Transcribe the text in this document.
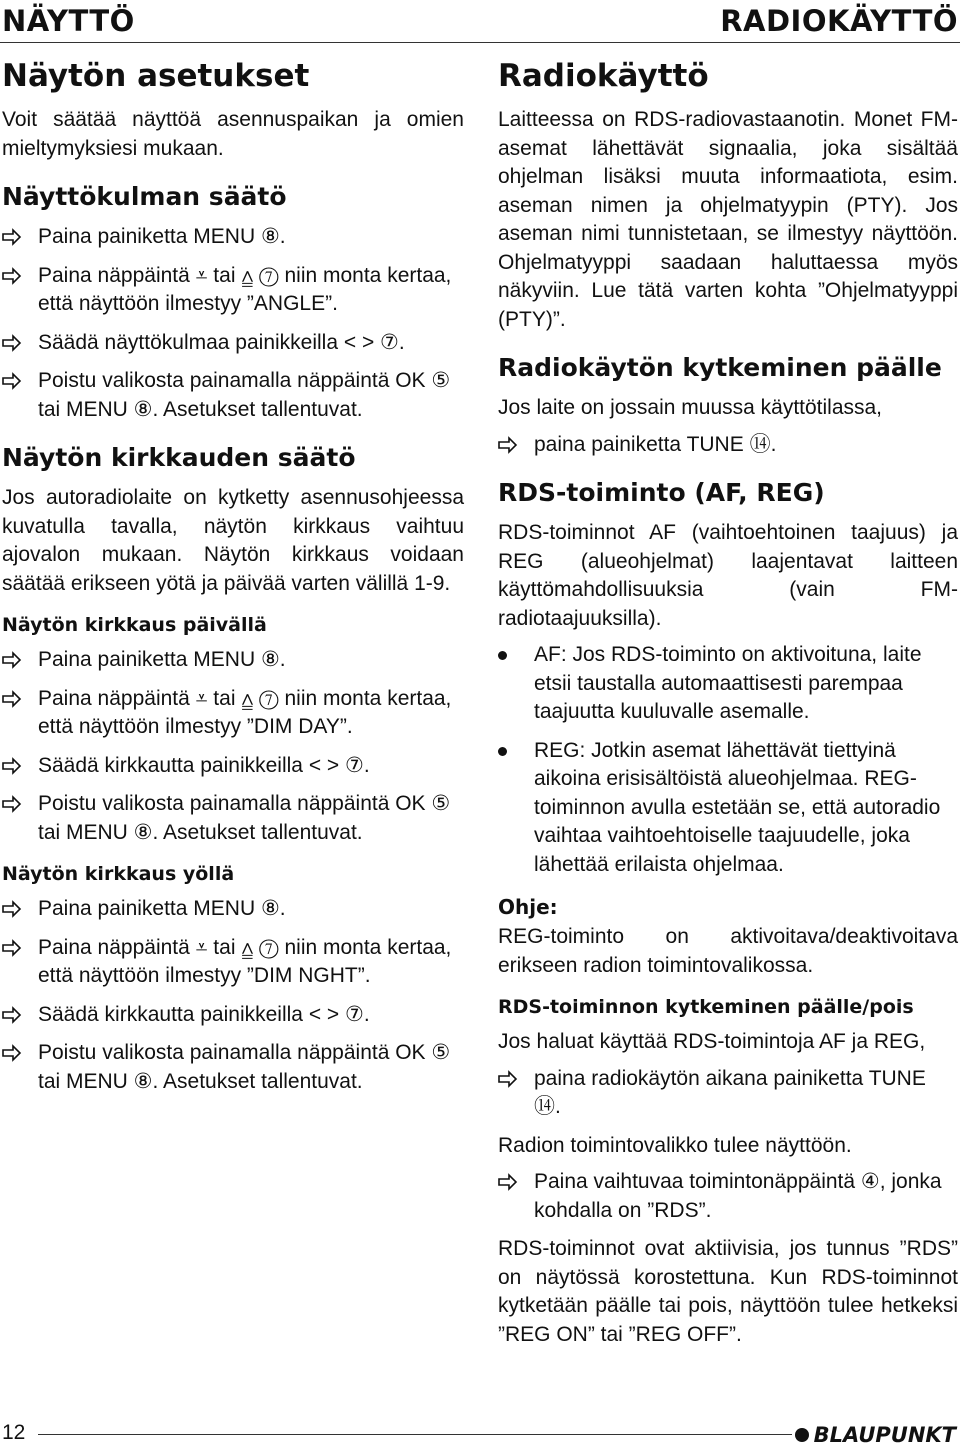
NÄYTTÖ	RADIOKÄYTTÖ
Näytön asetukset

Voit säätää näyttöä asennuspaikan ja omien mieltymyksiesi mukaan.

Näyttökulman säätö
Paina painiketta MENU ⑧.
Paina näppäintä ⩡ tai ⩠ ⑦ niin monta kertaa, että näyttöön ilmestyy ”ANGLE”.
Säädä näyttökulmaa painikkeilla < > ⑦.
Poistu valikosta painamalla näppäintä OK ⑤ tai MENU ⑧. Asetukset tallentuvat.
Näytön kirkkauden säätö

Jos autoradiolaite on kytketty asennusohjeessa kuvatulla tavalla, näytön kirkkaus vaihtuu ajovalon mukaan. Näytön kirkkaus voidaan säätää erikseen yötä ja päivää varten välillä 1-9.

Näytön kirkkaus päivällä
Paina painiketta MENU ⑧.
Paina näppäintä ⩡ tai ⩠ ⑦ niin monta kertaa, että näyttöön ilmestyy ”DIM DAY”.
Säädä kirkkautta painikkeilla < > ⑦.
Poistu valikosta painamalla näppäintä OK ⑤ tai MENU ⑧. Asetukset tallentuvat.
Näytön kirkkaus yöllä
Paina painiketta MENU ⑧.
Paina näppäintä ⩡ tai ⩠ ⑦ niin monta kertaa, että näyttöön ilmestyy ”DIM NGHT”.
Säädä kirkkautta painikkeilla < > ⑦.
Poistu valikosta painamalla näppäintä OK ⑤ tai MENU ⑧. Asetukset tallentuvat.
Radiokäyttö

Laitteessa on RDS-radiovastaanotin. Monet FM-asemat lähettävät signaalia, joka sisältää ohjelman lisäksi muuta informaatiota, esim. aseman nimen ja ohjelmatyypin (PTY). Jos aseman nimi tunnistetaan, se ilmestyy näyttöön. Ohjelmatyyppi saadaan haluttaessa myös näkyviin. Lue tätä varten kohta ”Ohjelmatyyppi (PTY)”.

Radiokäytön kytkeminen päälle

Jos laite on jossain muussa käyttötilassa,

paina painiketta TUNE ⑭.
RDS-toiminto (AF, REG)

RDS-toiminnot AF (vaihtoehtoinen taajuus) ja REG (alueohjelmat) laajentavat laitteen käyttömahdollisuuksia (vain FM-radiotaajuuksilla).

AF: Jos RDS-toiminto on aktivoituna, laite etsii taustalla automaattisesti parempaa taajuutta kuuluvalle asemalle.
REG: Jotkin asemat lähettävät tiettyinä aikoina erisisältöistä alueohjelmaa. REG-toiminnon avulla estetään se, että autoradio vaihtaa vaihtoehtoiselle taajuudelle, joka lähettää erilaista ohjelmaa.
Ohje:

REG-toiminto on aktivoitava/deaktivoitava erikseen radion toimintovalikossa.

RDS-toiminnon kytkeminen päälle/pois

Jos haluat käyttää RDS-toimintoja AF ja REG,

paina radiokäytön aikana painiketta TUNE ⑭.

Radion toimintovalikko tulee näyttöön.

Paina vaihtuvaa toimintonäppäintä ④, jonka kohdalla on ”RDS”.

RDS-toiminnot ovat aktiivisia, jos tunnus ”RDS” on näytössä korostettuna. Kun RDS-toiminnot kytketään päälle tai pois, näyttöön tulee hetkeksi ”REG ON” tai ”REG OFF”.

12	BLAUPUNKT
